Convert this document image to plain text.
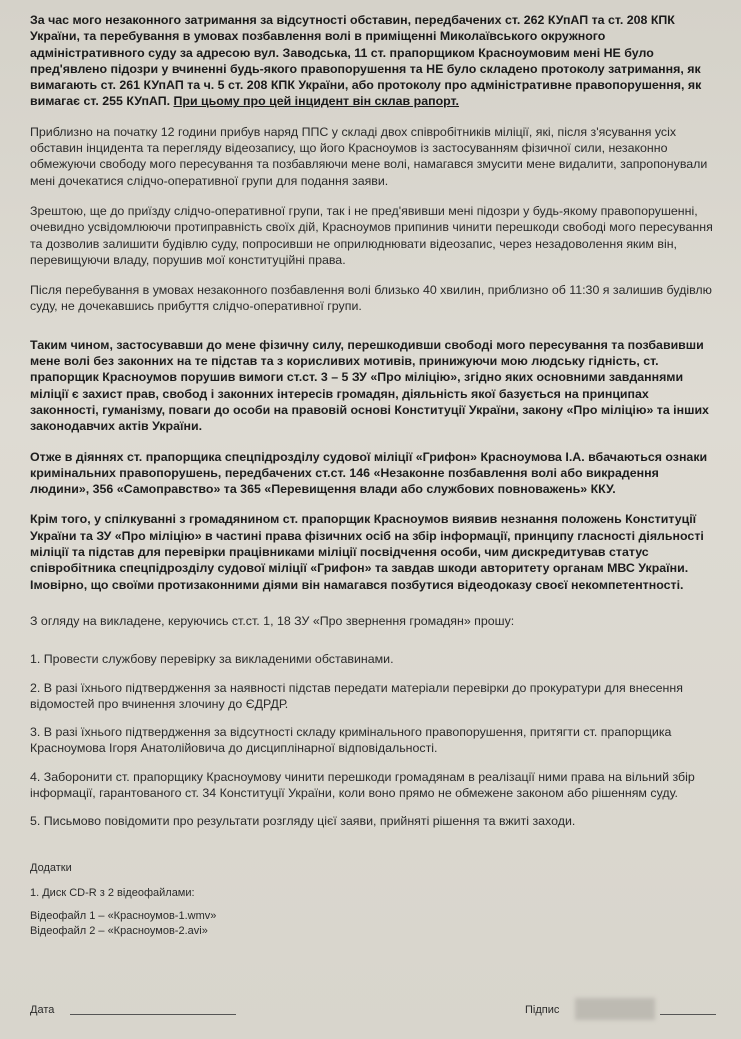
За час мого незаконного затримання за відсутності обставин, передбачених ст. 262 КУпАП та ст. 208 КПК України, та перебування в умовах позбавлення волі в приміщенні Миколаївського окружного адміністративного суду за адресою вул. Заводська, 11 ст. прапорщиком Красноумовим мені НЕ було пред'явлено підозри у вчиненні будь-якого правопорушення та НЕ було складено протоколу затримання, як вимагають ст. 261 КУпАП та ч. 5 ст. 208 КПК України, або протоколу про адміністративне правопорушення, як вимагає ст. 255 КУпАП. При цьому про цей інцидент він склав рапорт.

Приблизно на початку 12 години прибув наряд ППС у складі двох співробітників міліції, які, після з'ясування усіх обставин інцидента та перегляду відеозапису, що його Красноумов із застосуванням фізичної сили, незаконно обмежуючи свободу мого пересування та позбавляючи мене волі, намагався змусити мене видалити, запропонували мені дочекатися слідчо-оперативної групи для подання заяви.

Зрештою, ще до приїзду слідчо-оперативної групи, так і не пред'явивши мені підозри у будь-якому правопорушенні, очевидно усвідомлюючи протиправність своїх дій, Красноумов припинив чинити перешкоди свободі мого пересування та дозволив залишити будівлю суду, попросивши не оприлюднювати відеозапис, через незадоволення яким він, перевищуючи владу, порушив мої конституційні права.

Після перебування в умовах незаконного позбавлення волі близько 40 хвилин, приблизно об 11:30 я залишив будівлю суду, не дочекавшись прибуття слідчо-оперативної групи.

Таким чином, застосувавши до мене фізичну силу, перешкодивши свободі мого пересування та позбавивши мене волі без законних на те підстав та з корисливих мотивів, принижуючи мою людську гідність, ст. прапорщик Красноумов порушив вимоги ст.ст. 3 – 5 ЗУ «Про міліцію», згідно яких основними завданнями міліції є захист прав, свобод і законних інтересів громадян, діяльність якої базується на принципах законності, гуманізму, поваги до особи на правовій основі Конституції України, закону «Про міліцію» та інших законодавчих актів України.

Отже в діяннях ст. прапорщика спецпідрозділу судової міліції «Грифон» Красноумова І.А. вбачаються ознаки кримінальних правопорушень, передбачених ст.ст. 146 «Незаконне позбавлення волі або викрадення людини», 356 «Самоправство» та 365 «Перевищення влади або службових повноважень» ККУ.

Крім того, у спілкуванні з громадянином ст. прапорщик Красноумов виявив незнання положень Конституції України та ЗУ «Про міліцію» в частині права фізичних осіб на збір інформації, принципу гласності діяльності міліції та підстав для перевірки працівниками міліції посвідчення особи, чим дискредитував статус співробітника спецпідрозділу судової міліції «Грифон» та завдав шкоди авторитету органам МВС України. Імовірно, що своїми протизаконними діями він намагався позбутися відеодоказу своєї некомпетентності.

З огляду на викладене, керуючись ст.ст. 1, 18 ЗУ «Про звернення громадян» прошу:

1. Провести службову перевірку за викладеними обставинами.

2. В разі їхнього підтвердження за наявності підстав передати матеріали перевірки до прокуратури для внесення відомостей про вчинення злочину до ЄДРДР.

3. В разі їхнього підтвердження за відсутності складу кримінального правопорушення, притягти ст. прапорщика Красноумова Ігоря Анатолійовича до дисциплінарної відповідальності.

4. Заборонити ст. прапорщику Красноумову чинити перешкоди громадянам в реалізації ними права на вільний збір інформації, гарантованого ст. 34 Конституції України, коли воно прямо не обмежене законом або рішенням суду.

5. Письмово повідомити про результати розгляду цієї заяви, прийняті рішення та вжиті заходи.

Додатки

1. Диск CD-R з 2 відеофайлами:

Відеофайл 1 – «Красноумов-1.wmv»

Відеофайл 2 – «Красноумов-2.avi»

Дата	Підпис
